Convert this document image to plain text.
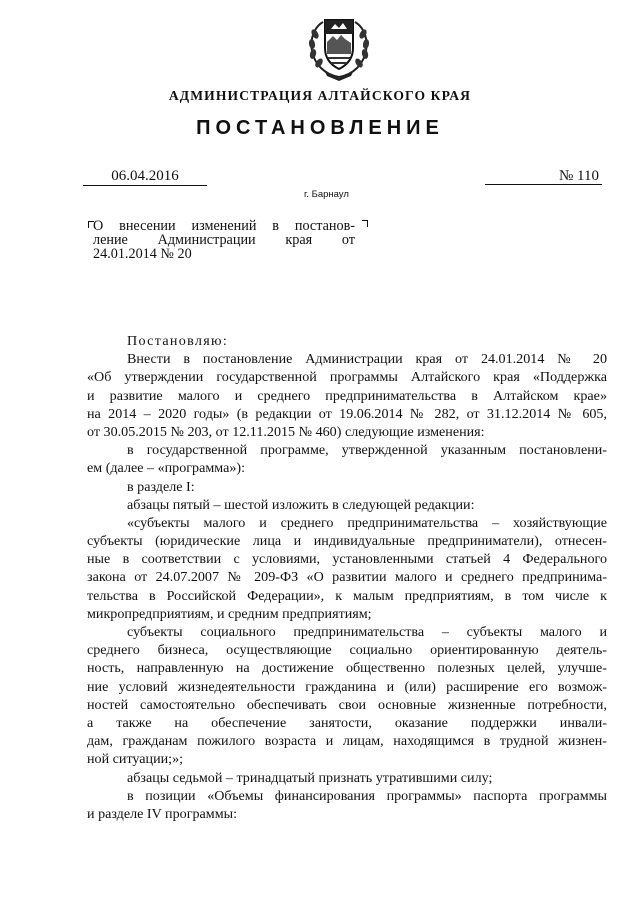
АДМИНИСТРАЦИЯ АЛТАЙСКОГО КРАЯ
ПОСТАНОВЛЕНИЕ
06.04.2016	№ 110
г. Барнаул
О внесении изменений в постанов-
ление Администрации края от
24.01.2014 № 20
Постановляю:
Внести в постановление Администрации края от 24.01.2014 № 20
«Об утверждении государственной программы Алтайского края «Поддержка
и развитие малого и среднего предпринимательства в Алтайском крае»
на 2014 – 2020 годы» (в редакции от 19.06.2014 № 282, от 31.12.2014 № 605,
от 30.05.2015 № 203, от 12.11.2015 № 460) следующие изменения:
в государственной программе, утвержденной указанным постановлени-
ем (далее – «программа»):
в разделе I:
абзацы пятый – шестой изложить в следующей редакции:
«субъекты малого и среднего предпринимательства – хозяйствующие
субъекты (юридические лица и индивидуальные предприниматели), отнесен-
ные в соответствии с условиями, установленными статьей 4 Федерального
закона от 24.07.2007 № 209-ФЗ «О развитии малого и среднего предпринима-
тельства в Российской Федерации», к малым предприятиям, в том числе к
микропредприятиям, и средним предприятиям;
субъекты социального предпринимательства – субъекты малого и
среднего бизнеса, осуществляющие социально ориентированную деятель-
ность, направленную на достижение общественно полезных целей, улучше-
ние условий жизнедеятельности гражданина и (или) расширение его возмож-
ностей самостоятельно обеспечивать свои основные жизненные потребности,
а также на обеспечение занятости, оказание поддержки инвали-
дам, гражданам пожилого возраста и лицам, находящимся в трудной жизнен-
ной ситуации;»;
абзацы седьмой – тринадцатый признать утратившими силу;
в позиции «Объемы финансирования программы» паспорта программы
и разделе IV программы:
